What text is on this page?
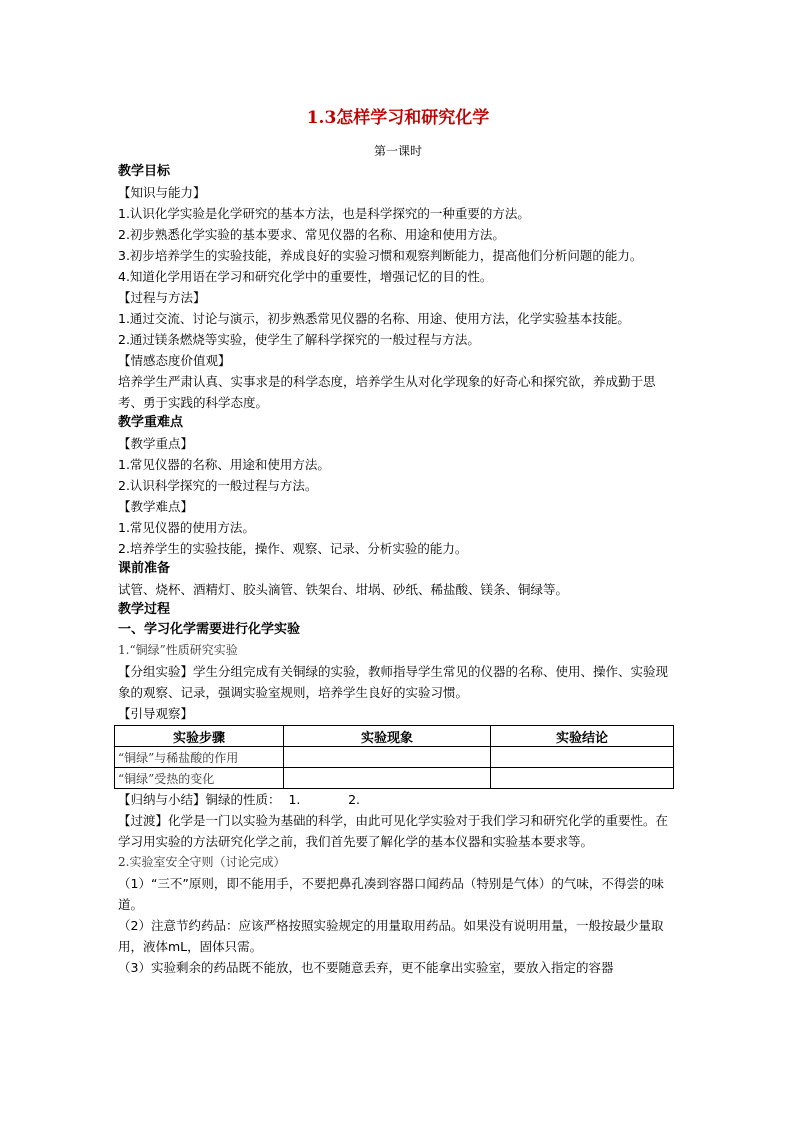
1.3怎样学习和研究化学
第一课时
教学目标
【知识与能力】
1.认识化学实验是化学研究的基本方法，也是科学探究的一种重要的方法。
2.初步熟悉化学实验的基本要求、常见仪器的名称、用途和使用方法。
3.初步培养学生的实验技能，养成良好的实验习惯和观察判断能力，提高他们分析问题的能力。
4.知道化学用语在学习和研究化学中的重要性，增强记忆的目的性。
【过程与方法】
1.通过交流、讨论与演示，初步熟悉常见仪器的名称、用途、使用方法，化学实验基本技能。
2.通过镁条燃烧等实验，使学生了解科学探究的一般过程与方法。
【情感态度价值观】
培养学生严肃认真、实事求是的科学态度，培养学生从对化学现象的好奇心和探究欲，养成勤于思考、勇于实践的科学态度。
教学重难点
【教学重点】
1.常见仪器的名称、用途和使用方法。
2.认识科学探究的一般过程与方法。
【教学难点】
1.常见仪器的使用方法。
2.培养学生的实验技能，操作、观察、记录、分析实验的能力。
课前准备
试管、烧杯、酒精灯、胶头滴管、铁架台、坩埚、砂纸、稀盐酸、镁条、铜绿等。
教学过程
一、学习化学需要进行化学实验
1.“铜绿”性质研究实验
【分组实验】学生分组完成有关铜绿的实验，教师指导学生常见的仪器的名称、使用、操作、实验现象的观察、记录，强调实验室规则，培养学生良好的实验习惯。
【引导观察】
实验步骤	实验现象	实验结论
“铜绿”与稀盐酸的作用		
“铜绿”受热的变化		
【归纳与小结】铜绿的性质：  1.            2.
【过渡】化学是一门以实验为基础的科学，由此可见化学实验对于我们学习和研究化学的重要性。在学习用实验的方法研究化学之前，我们首先要了解化学的基本仪器和实验基本要求等。
2.实验室安全守则（讨论完成）
（1）“三不”原则，即不能用手，不要把鼻孔凑到容器口闻药品（特别是气体）的气味，不得尝的味道。
（2）注意节约药品：应该严格按照实验规定的用量取用药品。如果没有说明用量，一般按最少量取用，液体mL，固体只需。
（3）实验剩余的药品既不能放，也不要随意丢弃，更不能拿出实验室，要放入指定的容器
